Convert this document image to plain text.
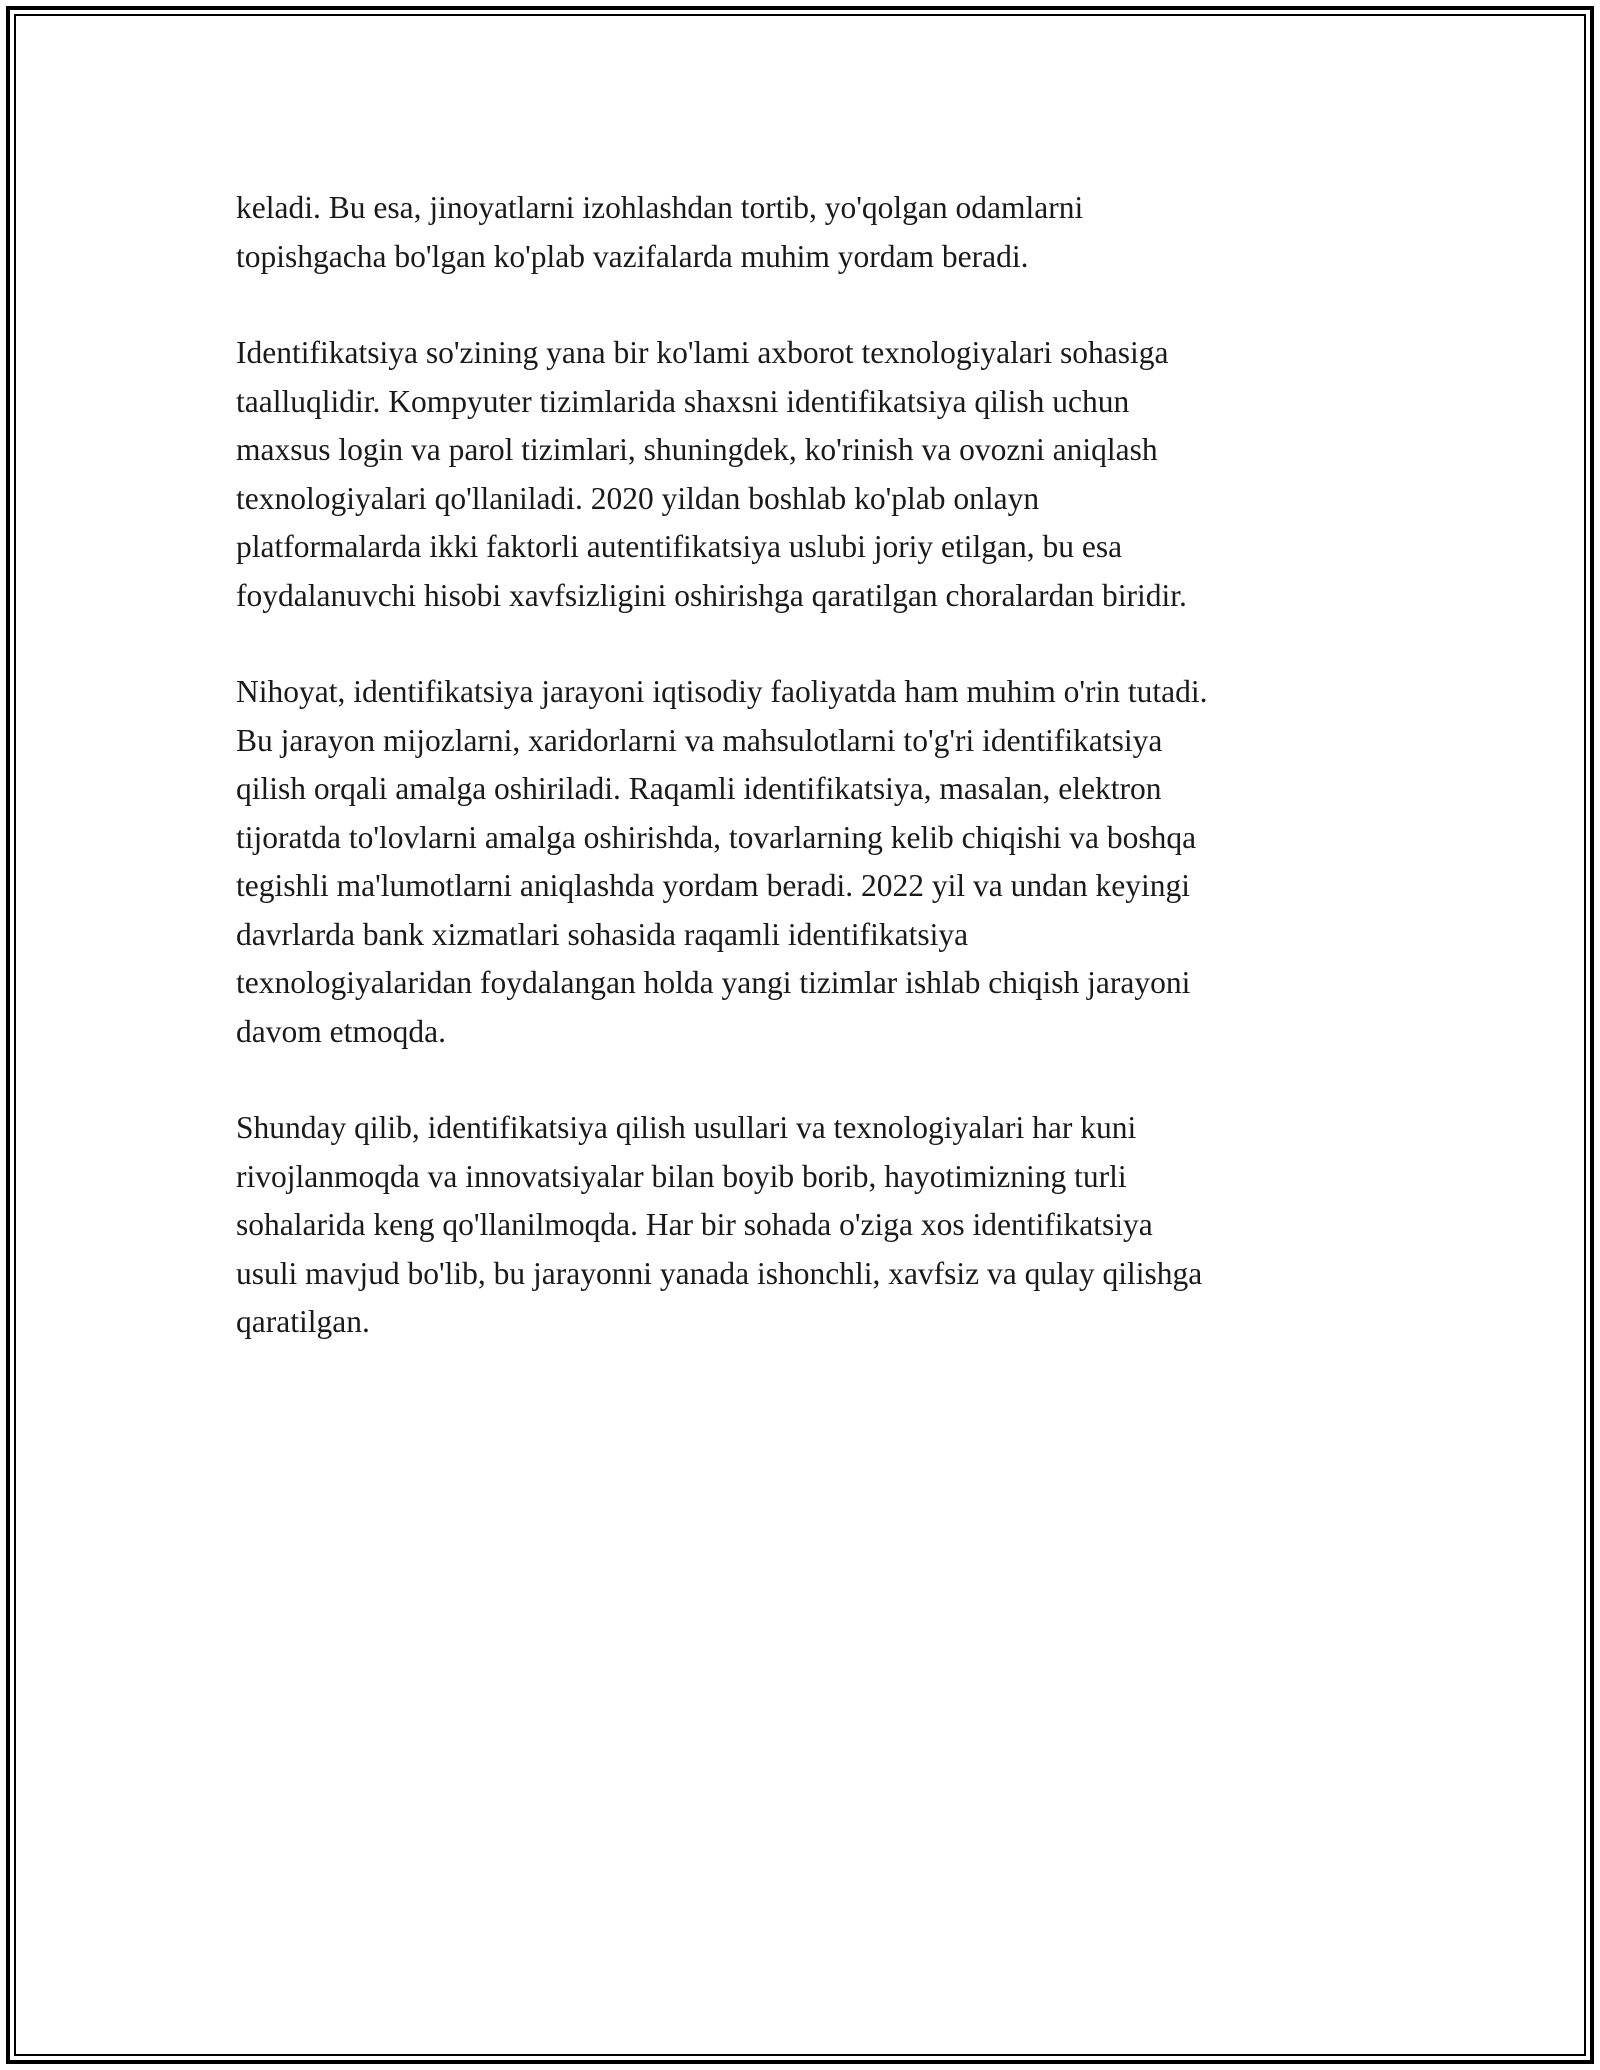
keladi. Bu esa, jinoyatlarni izohlashdan tortib, yo'qolgan odamlarni
topishgacha bo'lgan ko'plab vazifalarda muhim yordam beradi.

Identifikatsiya so'zining yana bir ko'lami axborot texnologiyalari sohasiga
taalluqlidir. Kompyuter tizimlarida shaxsni identifikatsiya qilish uchun
maxsus login va parol tizimlari, shuningdek, ko'rinish va ovozni aniqlash
texnologiyalari qo'llaniladi. 2020 yildan boshlab ko'plab onlayn
platformalarda ikki faktorli autentifikatsiya uslubi joriy etilgan, bu esa
foydalanuvchi hisobi xavfsizligini oshirishga qaratilgan choralardan biridir.

Nihoyat, identifikatsiya jarayoni iqtisodiy faoliyatda ham muhim o'rin tutadi.
Bu jarayon mijozlarni, xaridorlarni va mahsulotlarni to'g'ri identifikatsiya
qilish orqali amalga oshiriladi. Raqamli identifikatsiya, masalan, elektron
tijoratda to'lovlarni amalga oshirishda, tovarlarning kelib chiqishi va boshqa
tegishli ma'lumotlarni aniqlashda yordam beradi. 2022 yil va undan keyingi
davrlarda bank xizmatlari sohasida raqamli identifikatsiya
texnologiyalaridan foydalangan holda yangi tizimlar ishlab chiqish jarayoni
davom etmoqda.

Shunday qilib, identifikatsiya qilish usullari va texnologiyalari har kuni
rivojlanmoqda va innovatsiyalar bilan boyib borib, hayotimizning turli
sohalarida keng qo'llanilmoqda. Har bir sohada o'ziga xos identifikatsiya
usuli mavjud bo'lib, bu jarayonni yanada ishonchli, xavfsiz va qulay qilishga
qaratilgan.
